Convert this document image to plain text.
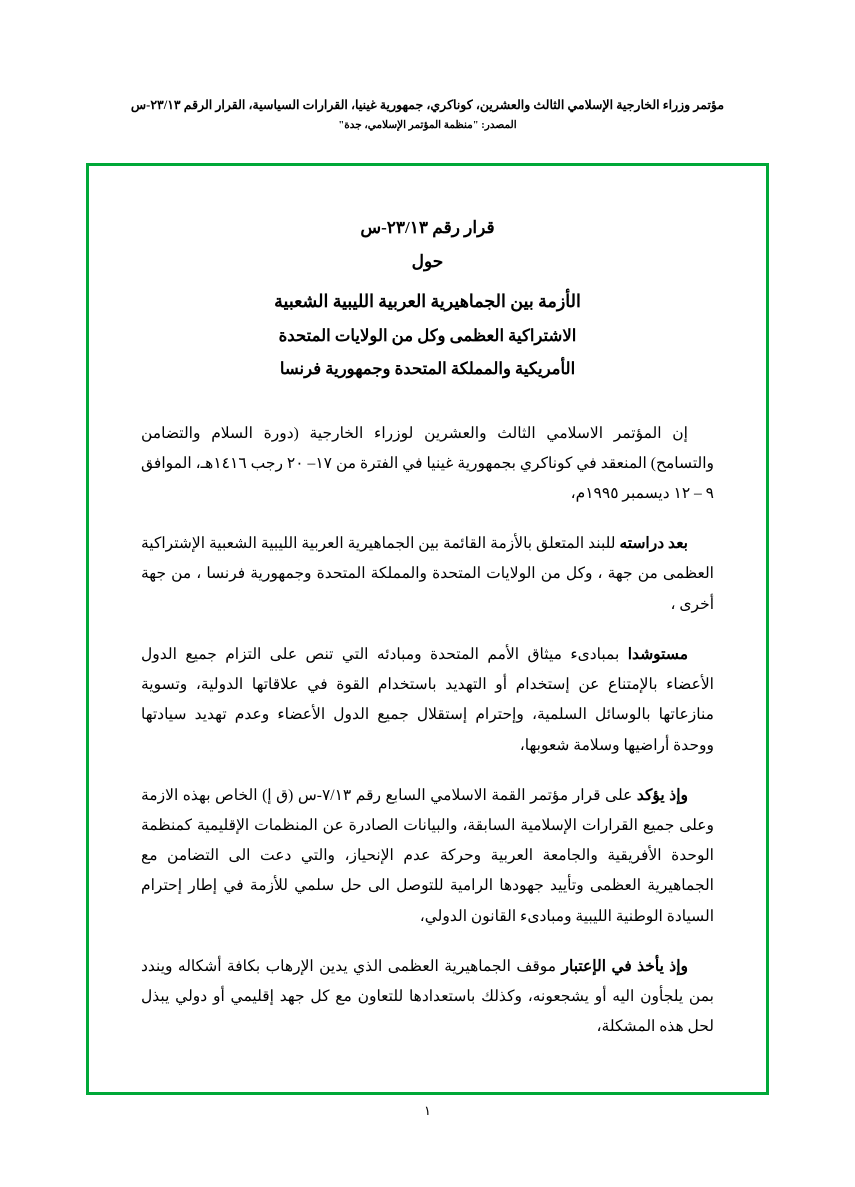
مؤتمر وزراء الخارجية الإسلامي الثالث والعشرين، كوناكري، جمهورية غينيا، القرارات السياسية، القرار الرقم ٢٣/١٣-س
المصدر: "منظمة المؤتمر الإسلامي، جدة"
قرار رقم ٢٣/١٣-س
حول
الأزمة بين الجماهيرية العربية الليبية الشعبية
الاشتراكية العظمى وكل من الولايات المتحدة
الأمريكية والمملكة المتحدة وجمهورية فرنسا

إن المؤتمر الاسلامي الثالث والعشرين لوزراء الخارجية (دورة السلام والتضامن والتسامح) المنعقد في كوناكري بجمهورية غينيا في الفترة من ١٧– ٢٠ رجب ١٤١٦هـ، الموافق ٩ – ١٢ ديسمبر ١٩٩٥م،

بعد دراسته للبند المتعلق بالأزمة القائمة بين الجماهيرية العربية الليبية الشعبية الإشتراكية العظمى من جهة ، وكل من الولايات المتحدة والمملكة المتحدة وجمهورية فرنسا ، من جهة أخرى ،

مستوشدا بمبادىء ميثاق الأمم المتحدة ومبادئه التي تنص على التزام جميع الدول الأعضاء بالإمتناع عن إستخدام أو التهديد باستخدام القوة في علاقاتها الدولية، وتسوية منازعاتها بالوسائل السلمية، وإحترام إستقلال جميع الدول الأعضاء وعدم تهديد سيادتها ووحدة أراضيها وسلامة شعوبها،

وإذ يؤكد على قرار مؤتمر القمة الاسلامي السابع رقم ٧/١٣-س (ق إ) الخاص بهذه الازمة وعلى جميع القرارات الإسلامية السابقة، والبيانات الصادرة عن المنظمات الإقليمية كمنظمة الوحدة الأفريقية والجامعة العربية وحركة عدم الإنحياز، والتي دعت الى التضامن مع الجماهيرية العظمى وتأييد جهودها الرامية للتوصل الى حل سلمي للأزمة في إطار إحترام السيادة الوطنية الليبية ومبادىء القانون الدولي،

وإذ يأخذ في الإعتبار موقف الجماهيرية العظمى الذي يدين الإرهاب بكافة أشكاله ويندد بمن يلجأون اليه أو يشجعونه، وكذلك باستعدادها للتعاون مع كل جهد إقليمي أو دولي يبذل لحل هذه المشكلة،

١
